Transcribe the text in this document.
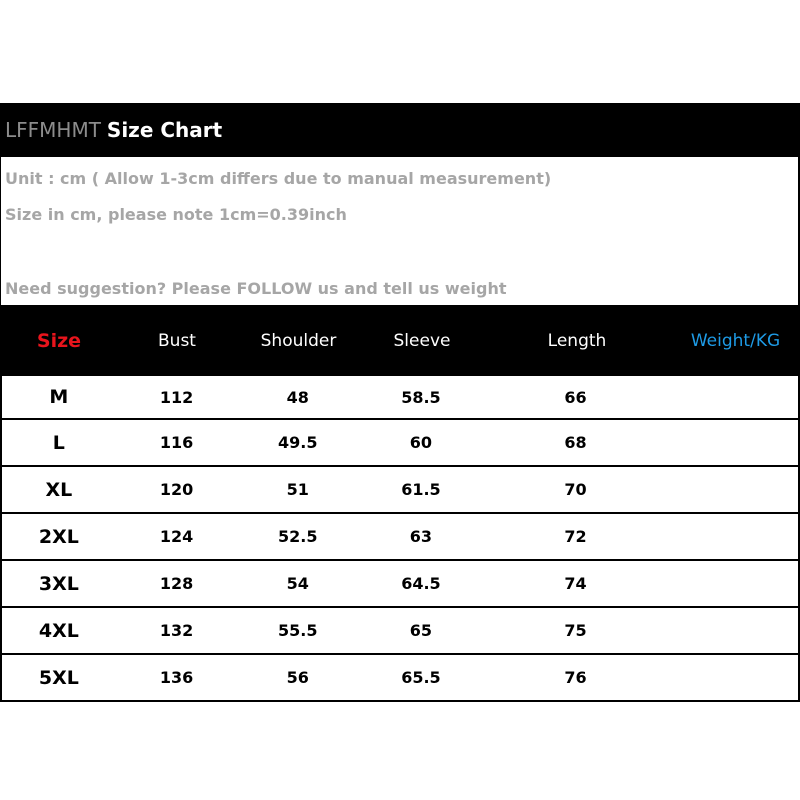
LFFMHMT Size Chart
Unit : cm ( Allow 1-3cm differs due to manual measurement)
Size in cm, please note 1cm=0.39inch
Need suggestion? Please FOLLOW us and tell us weight
Size	Bust	Shoulder	Sleeve	Length	Weight/KG
M	112	48	58.5	66
L	116	49.5	60	68
XL	120	51	61.5	70
2XL	124	52.5	63	72
3XL	128	54	64.5	74
4XL	132	55.5	65	75
5XL	136	56	65.5	76
